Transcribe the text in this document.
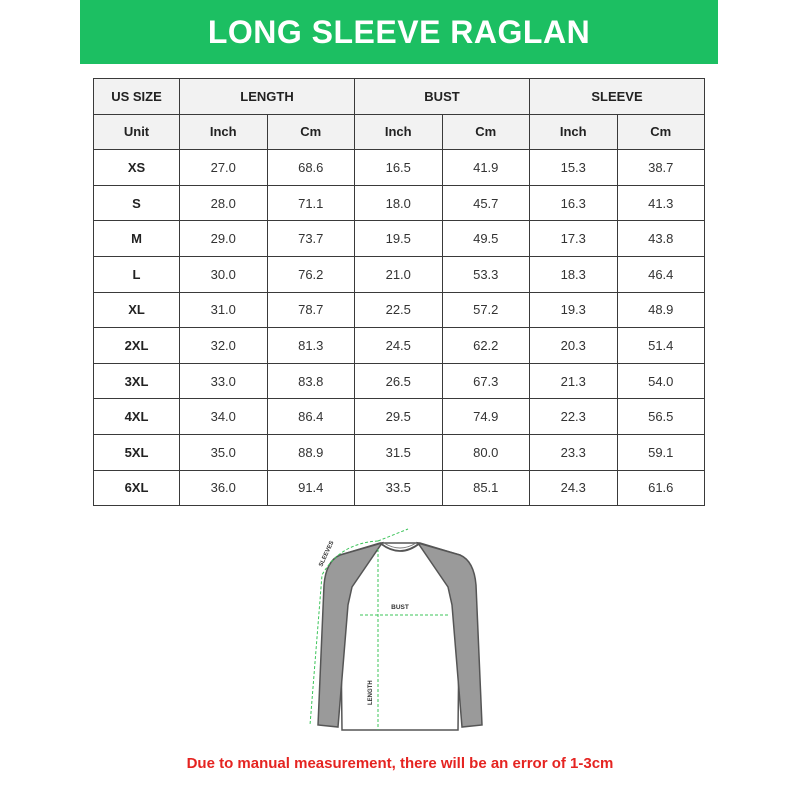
LONG SLEEVE RAGLAN
US SIZE	LENGTH		BUST		SLEEVE	
Unit	Inch	Cm	Inch	Cm	Inch	Cm
XS	27.0	68.6	16.5	41.9	15.3	38.7
S	28.0	71.1	18.0	45.7	16.3	41.3
M	29.0	73.7	19.5	49.5	17.3	43.8
L	30.0	76.2	21.0	53.3	18.3	46.4
XL	31.0	78.7	22.5	57.2	19.3	48.9
2XL	32.0	81.3	24.5	62.2	20.3	51.4
3XL	33.0	83.8	26.5	67.3	21.3	54.0
4XL	34.0	86.4	29.5	74.9	22.3	56.5
5XL	35.0	88.9	31.5	80.0	23.3	59.1
6XL	36.0	91.4	33.5	85.1	24.3	61.6
SLEEVES
BUST
LENGTH
Due to manual measurement, there will be an error of 1-3cm
